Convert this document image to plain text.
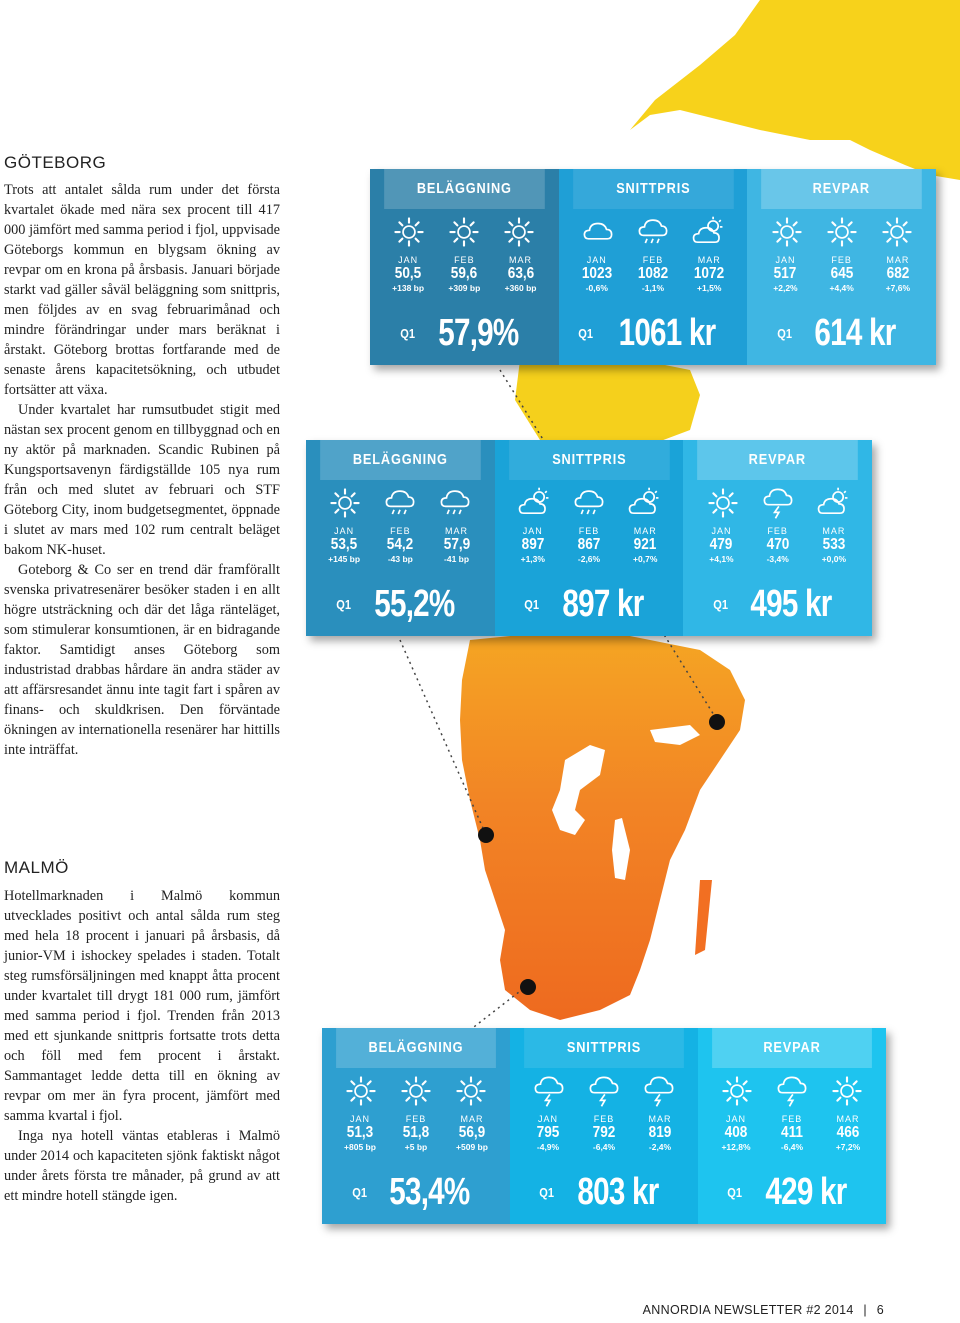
GÖTEBORG

Trots att antalet sålda rum under det första kvartalet ökade med nära sex procent till 417 000 jämfört med samma period i fjol, uppvisade Göteborgs kommun en blygsam ökning av revpar om en krona på årsbasis. Januari började starkt vad gäller såväl beläggning som snittpris, men följdes av en svag februarimånad och mindre förändringar under mars beräknat i årstakt. Göteborg brottas fortfarande med de senaste årens kapacitetsökning, och utbudet fortsätter att växa.

Under kvartalet har rumsutbudet stigit med nästan sex procent genom en tillbyggnad och en ny aktör på marknaden. Scandic Rubinen på Kungsportsavenyn färdigställde 105 nya rum från och med slutet av februari och STF Göteborg City, inom budgetsegmentet, öppnade i slutet av mars med 102 rum centralt beläget bakom NK-huset.

Goteborg & Co ser en trend där framförallt svenska privatresenärer besöker staden i en allt högre utsträckning och där det låga ränteläget, som stimulerar konsumtionen, är en bidragande faktor. Samtidigt anses Göteborg som industristad drabbas hårdare än andra städer av att affärsresandet ännu inte tagit fart i spåren av finans- och skuldkrisen. Den förväntade ökningen av internationella resenärer har hittills inte inträffat.

MALMÖ

Hotellmarknaden i Malmö kommun utvecklades positivt och antal sålda rum steg med hela 18 procent i januari på årsbasis, då junior-VM i ishockey spelades i staden. Totalt steg rumsförsäljningen med knappt åtta procent under kvartalet till drygt 181 000 rum, jämfört med samma period i fjol. Trenden från 2013 med ett sjunkande snittpris fortsatte trots detta och föll med fem procent i årstakt. Sammantaget ledde detta till en ökning av revpar om mer än fyra procent, jämfört med samma kvartal i fjol.

Inga nya hotell väntas etableras i Malmö under 2014 och kapaciteten sjönk faktiskt något under årets första tre månader, på grund av att ett mindre hotell stängde igen.

BELÄGGNING
JAN	FEB	MAR
50,5	59,6	63,6
+138 bp	+309 bp	+360 bp
Q1 57,9%
SNITTPRIS
JAN	FEB	MAR
1023	1082	1072
-0,6%	-1,1%	+1,5%
Q1 1061 kr
REVPAR
JAN	FEB	MAR
517	645	682
+2,2%	+4,4%	+7,6%
Q1 614 kr
BELÄGGNING
JAN	FEB	MAR
53,5	54,2	57,9
+145 bp	-43 bp	-41 bp
Q1 55,2%
SNITTPRIS
JAN	FEB	MAR
897	867	921
+1,3%	-2,6%	+0,7%
Q1 897 kr
REVPAR
JAN	FEB	MAR
479	470	533
+4,1%	-3,4%	+0,0%
Q1 495 kr
BELÄGGNING
JAN	FEB	MAR
51,3	51,8	56,9
+805 bp	+5 bp	+509 bp
Q1 53,4%
SNITTPRIS
JAN	FEB	MAR
795	792	819
-4,9%	-6,4%	-2,4%
Q1 803 kr
REVPAR
JAN	FEB	MAR
408	411	466
+12,8%	-6,4%	+7,2%
Q1 429 kr
ANNORDIA NEWSLETTER #2 2014 | 6
